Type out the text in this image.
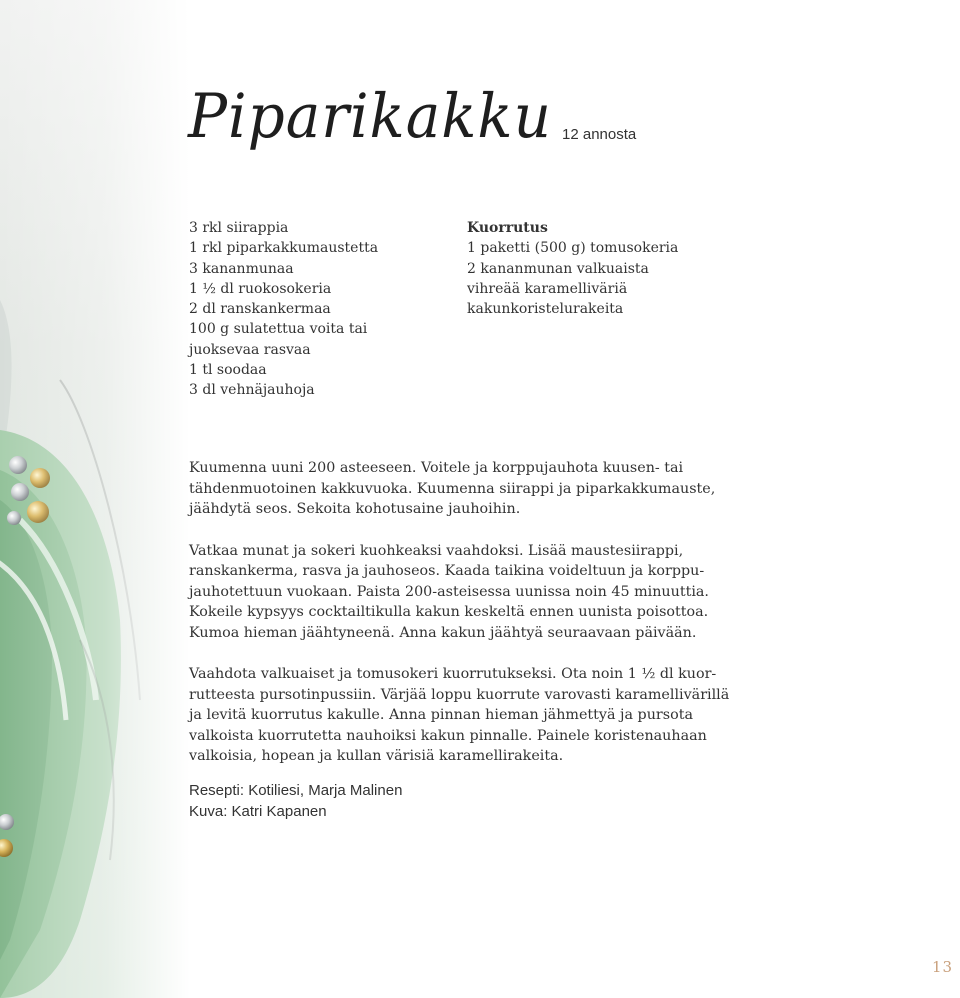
Piparikakku 12 annosta
3 rkl siirappia
1 rkl piparkakkumaustetta
3 kananmunaa
1 ½ dl ruokosokeria
2 dl ranskankermaa
100 g sulatettua voita tai
juoksevaa rasvaa
1 tl soodaa
3 dl vehnäjauhoja
Kuorrutus
1 paketti (500 g) tomusokeria
2 kananmunan valkuaista
vihreää karamelliväriä
kakunkoristelurakeita

Kuumenna uuni 200 asteeseen. Voitele ja korppujauhota kuusen- tai
tähdenmuotoinen kakkuvuoka. Kuumenna siirappi ja piparkakkumauste,
jäähdytä seos. Sekoita kohotusaine jauhoihin.

Vatkaa munat ja sokeri kuohkeaksi vaahdoksi. Lisää maustesiirappi,
ranskankerma, rasva ja jauhoseos. Kaada taikina voideltuun ja korppu-
jauhotettuun vuokaan. Paista 200-asteisessa uunissa noin 45 minuuttia.
Kokeile kypsyys cocktailtikulla kakun keskeltä ennen uunista poisottoa.
Kumoa hieman jäähtyneenä. Anna kakun jäähtyä seuraavaan päivään.

Vaahdota valkuaiset ja tomusokeri kuorrutukseksi. Ota noin 1 ½ dl kuor-
rutteesta pursotinpussiin. Värjää loppu kuorrute varovasti karamellivärillä
ja levitä kuorrutus kakulle. Anna pinnan hieman jähmettyä ja pursota
valkoista kuorrutetta nauhoiksi kakun pinnalle. Painele koristenauhaan
valkoisia, hopean ja kullan värisiä karamellirakeita.

Resepti: Kotiliesi, Marja Malinen
Kuva: Katri Kapanen
13
